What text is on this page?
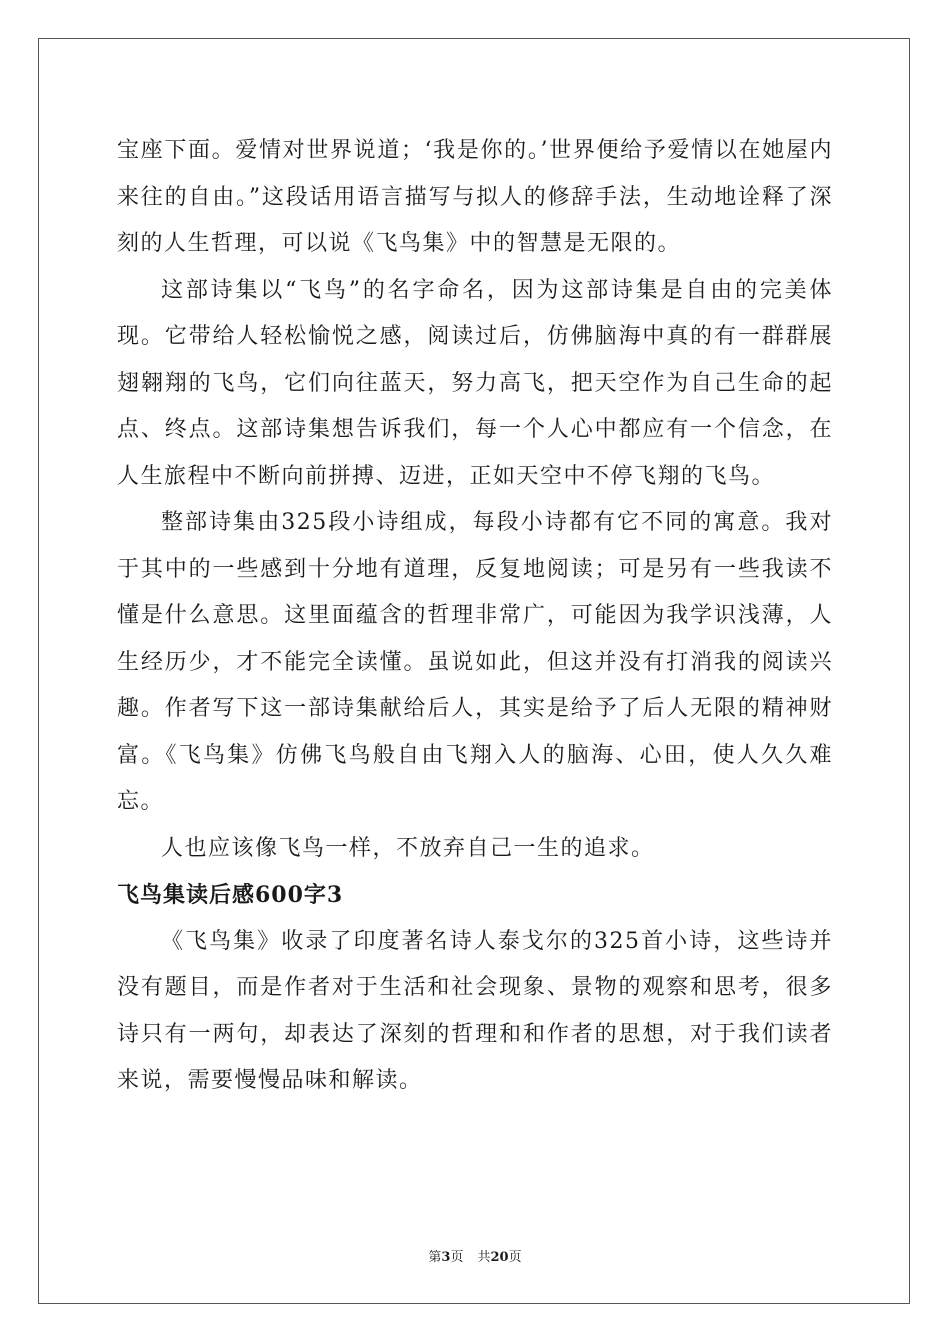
宝座下面。爱情对世界说道；‘我是你的。’世界便给予爱情以在她屋内来往的自由。”这段话用语言描写与拟人的修辞手法，生动地诠释了深刻的人生哲理，可以说《飞鸟集》中的智慧是无限的。

这部诗集以“飞鸟”的名字命名，因为这部诗集是自由的完美体现。它带给人轻松愉悦之感，阅读过后，仿佛脑海中真的有一群群展翅翱翔的飞鸟，它们向往蓝天，努力高飞，把天空作为自己生命的起点、终点。这部诗集想告诉我们，每一个人心中都应有一个信念，在人生旅程中不断向前拼搏、迈进，正如天空中不停飞翔的飞鸟。

整部诗集由325段小诗组成，每段小诗都有它不同的寓意。我对于其中的一些感到十分地有道理，反复地阅读；可是另有一些我读不懂是什么意思。这里面蕴含的哲理非常广，可能因为我学识浅薄，人生经历少，才不能完全读懂。虽说如此，但这并没有打消我的阅读兴趣。作者写下这一部诗集献给后人，其实是给予了后人无限的精神财富。《飞鸟集》仿佛飞鸟般自由飞翔入人的脑海、心田，使人久久难忘。

人也应该像飞鸟一样，不放弃自己一生的追求。

飞鸟集读后感600字3

《飞鸟集》收录了印度著名诗人泰戈尔的325首小诗，这些诗并没有题目，而是作者对于生活和社会现象、景物的观察和思考，很多诗只有一两句，却表达了深刻的哲理和和作者的思想，对于我们读者来说，需要慢慢品味和解读。

第3页 共20页
